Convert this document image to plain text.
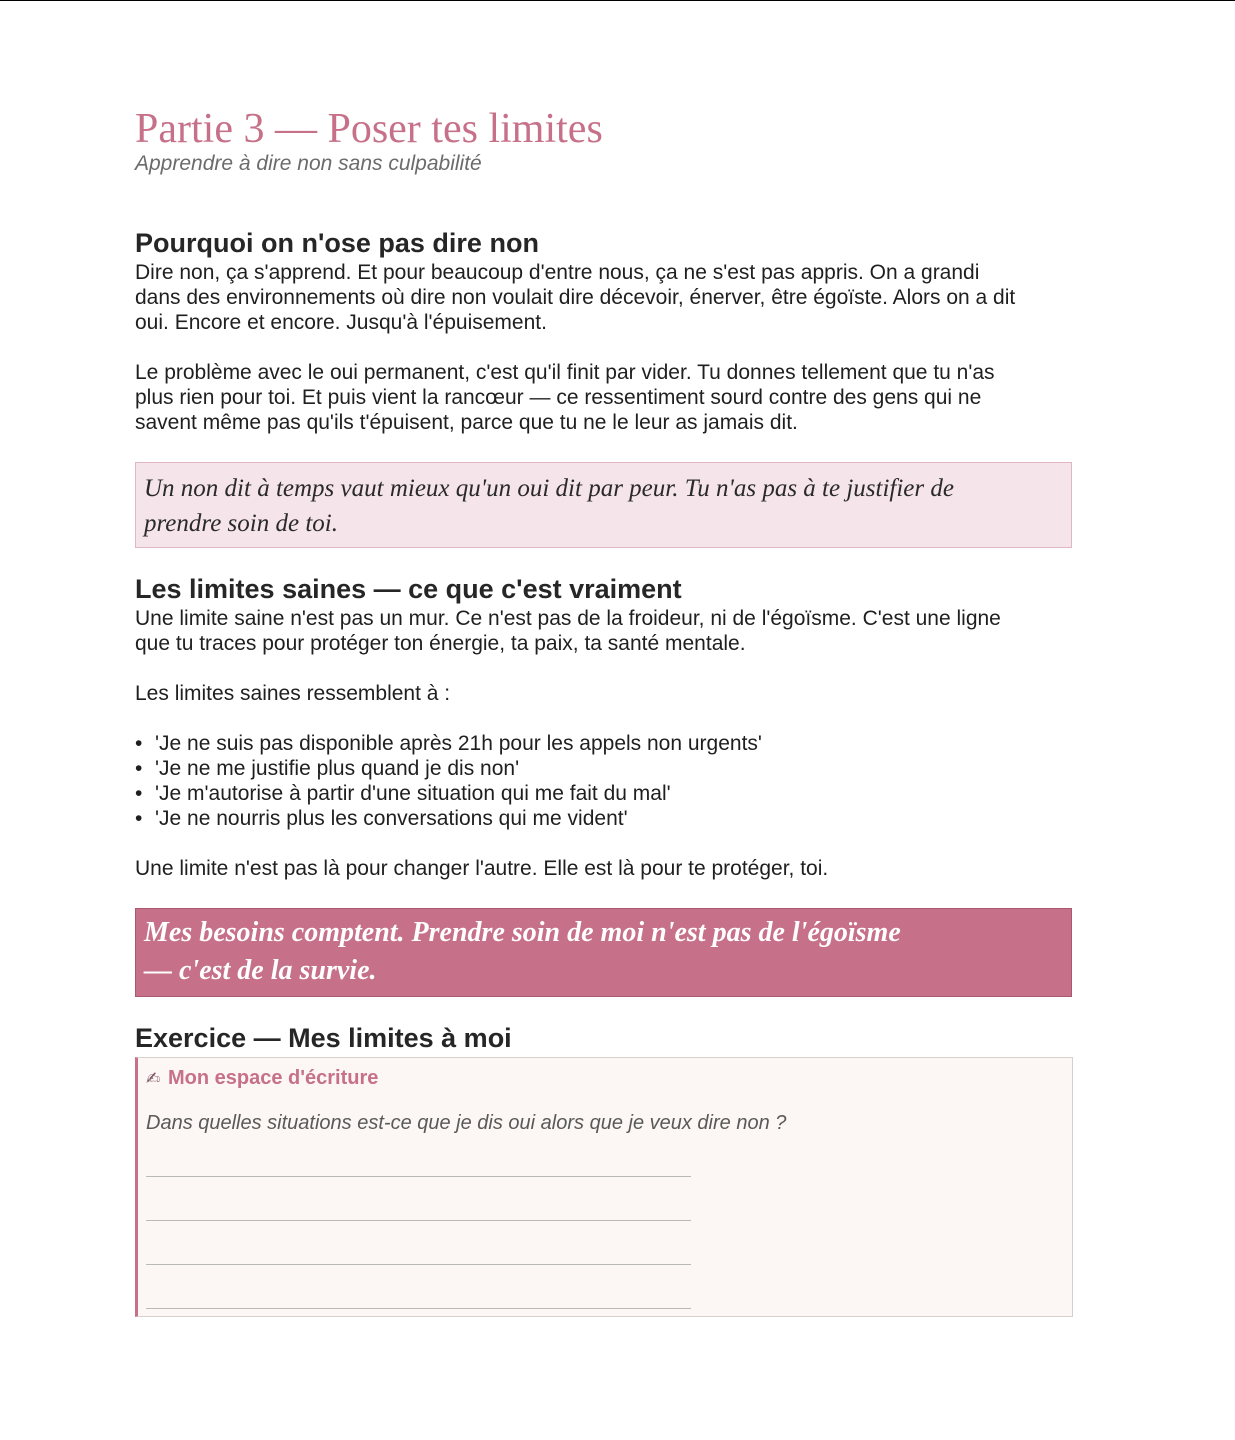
Partie 3 — Poser tes limites

Apprendre à dire non sans culpabilité

Pourquoi on n'ose pas dire non

Dire non, ça s'apprend. Et pour beaucoup d'entre nous, ça ne s'est pas appris. On a grandi

dans des environnements où dire non voulait dire décevoir, énerver, être égoïste. Alors on a dit

oui. Encore et encore. Jusqu'à l'épuisement.

Le problème avec le oui permanent, c'est qu'il finit par vider. Tu donnes tellement que tu n'as

plus rien pour toi. Et puis vient la rancœur — ce ressentiment sourd contre des gens qui ne

savent même pas qu'ils t'épuisent, parce que tu ne le leur as jamais dit.

Un non dit à temps vaut mieux qu'un oui dit par peur. Tu n'as pas à te justifier de
prendre soin de toi.
Les limites saines — ce que c'est vraiment

Une limite saine n'est pas un mur. Ce n'est pas de la froideur, ni de l'égoïsme. C'est une ligne

que tu traces pour protéger ton énergie, ta paix, ta santé mentale.

Les limites saines ressemblent à :

• 'Je ne suis pas disponible après 21h pour les appels non urgents'
• 'Je ne me justifie plus quand je dis non'
• 'Je m'autorise à partir d'une situation qui me fait du mal'
• 'Je ne nourris plus les conversations qui me vident'

Une limite n'est pas là pour changer l'autre. Elle est là pour te protéger, toi.

Mes besoins comptent. Prendre soin de moi n'est pas de l'égoïsme
— c'est de la survie.
Exercice — Mes limites à moi
✍ Mon espace d'écriture
Dans quelles situations est-ce que je dis oui alors que je veux dire non ?
